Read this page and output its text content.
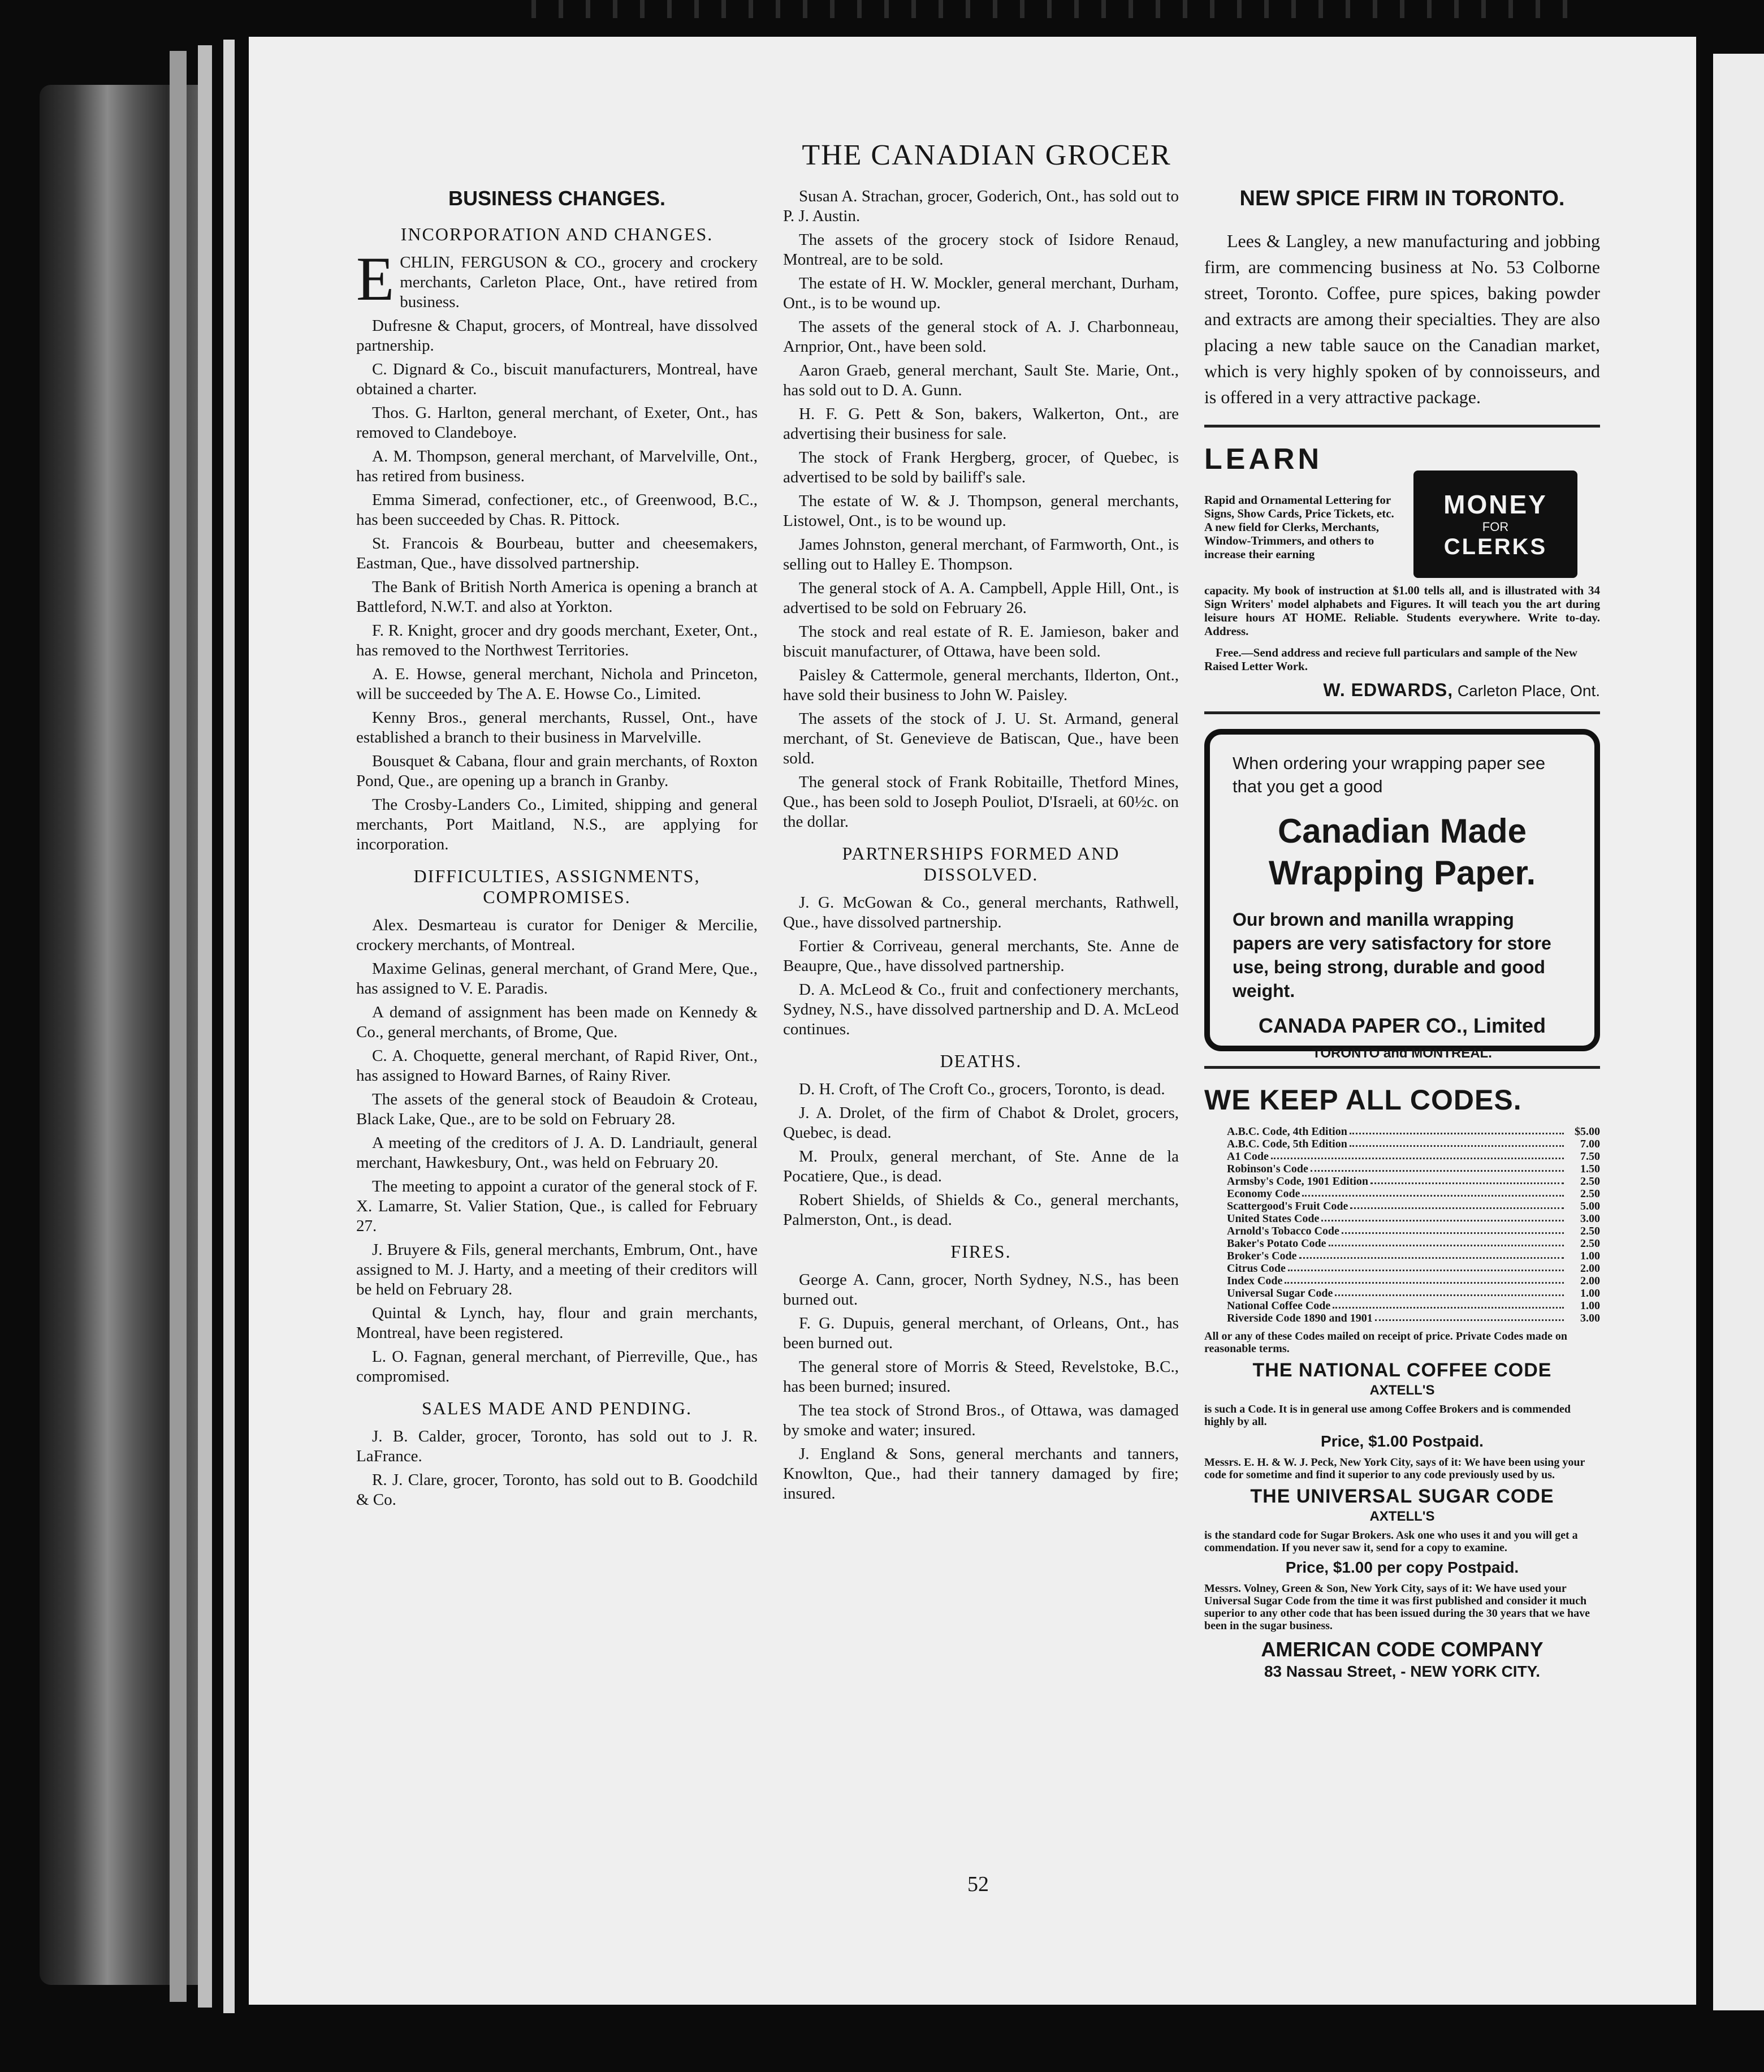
THE CANADIAN GROCER
BUSINESS CHANGES.
INCORPORATION AND CHANGES.

ECHLIN, FERGUSON & CO., grocery and crockery merchants, Carleton Place, Ont., have retired from business.

Dufresne & Chaput, grocers, of Montreal, have dissolved partnership.

C. Dignard & Co., biscuit manufacturers, Montreal, have obtained a charter.

Thos. G. Harlton, general merchant, of Exeter, Ont., has removed to Clandeboye.

A. M. Thompson, general merchant, of Marvelville, Ont., has retired from business.

Emma Simerad, confectioner, etc., of Greenwood, B.C., has been succeeded by Chas. R. Pittock.

St. Francois & Bourbeau, butter and cheesemakers, Eastman, Que., have dissolved partnership.

The Bank of British North America is opening a branch at Battleford, N.W.T. and also at Yorkton.

F. R. Knight, grocer and dry goods merchant, Exeter, Ont., has removed to the Northwest Territories.

A. E. Howse, general merchant, Nichola and Princeton, will be succeeded by The A. E. Howse Co., Limited.

Kenny Bros., general merchants, Russel, Ont., have established a branch to their business in Marvelville.

Bousquet & Cabana, flour and grain merchants, of Roxton Pond, Que., are opening up a branch in Granby.

The Crosby-Landers Co., Limited, shipping and general merchants, Port Maitland, N.S., are applying for incorporation.

DIFFICULTIES, ASSIGNMENTS, COMPROMISES.

Alex. Desmarteau is curator for Deniger & Mercilie, crockery merchants, of Montreal.

Maxime Gelinas, general merchant, of Grand Mere, Que., has assigned to V. E. Paradis.

A demand of assignment has been made on Kennedy & Co., general merchants, of Brome, Que.

C. A. Choquette, general merchant, of Rapid River, Ont., has assigned to Howard Barnes, of Rainy River.

The assets of the general stock of Beaudoin & Croteau, Black Lake, Que., are to be sold on February 28.

A meeting of the creditors of J. A. D. Landriault, general merchant, Hawkesbury, Ont., was held on February 20.

The meeting to appoint a curator of the general stock of F. X. Lamarre, St. Valier Station, Que., is called for February 27.

J. Bruyere & Fils, general merchants, Embrum, Ont., have assigned to M. J. Harty, and a meeting of their creditors will be held on February 28.

Quintal & Lynch, hay, flour and grain merchants, Montreal, have been registered.

L. O. Fagnan, general merchant, of Pierreville, Que., has compromised.

SALES MADE AND PENDING.

J. B. Calder, grocer, Toronto, has sold out to J. R. LaFrance.

R. J. Clare, grocer, Toronto, has sold out to B. Goodchild & Co.

Susan A. Strachan, grocer, Goderich, Ont., has sold out to P. J. Austin.

The assets of the grocery stock of Isidore Renaud, Montreal, are to be sold.

The estate of H. W. Mockler, general merchant, Durham, Ont., is to be wound up.

The assets of the general stock of A. J. Charbonneau, Arnprior, Ont., have been sold.

Aaron Graeb, general merchant, Sault Ste. Marie, Ont., has sold out to D. A. Gunn.

H. F. G. Pett & Son, bakers, Walkerton, Ont., are advertising their business for sale.

The stock of Frank Hergberg, grocer, of Quebec, is advertised to be sold by bailiff's sale.

The estate of W. & J. Thompson, general merchants, Listowel, Ont., is to be wound up.

James Johnston, general merchant, of Farmworth, Ont., is selling out to Halley E. Thompson.

The general stock of A. A. Campbell, Apple Hill, Ont., is advertised to be sold on February 26.

The stock and real estate of R. E. Jamieson, baker and biscuit manufacturer, of Ottawa, have been sold.

Paisley & Cattermole, general merchants, Ilderton, Ont., have sold their business to John W. Paisley.

The assets of the stock of J. U. St. Armand, general merchant, of St. Genevieve de Batiscan, Que., have been sold.

The general stock of Frank Robitaille, Thetford Mines, Que., has been sold to Joseph Pouliot, D'Israeli, at 60½c. on the dollar.

PARTNERSHIPS FORMED AND DISSOLVED.

J. G. McGowan & Co., general merchants, Rathwell, Que., have dissolved partnership.

Fortier & Corriveau, general merchants, Ste. Anne de Beaupre, Que., have dissolved partnership.

D. A. McLeod & Co., fruit and confectionery merchants, Sydney, N.S., have dissolved partnership and D. A. McLeod continues.

DEATHS.

D. H. Croft, of The Croft Co., grocers, Toronto, is dead.

J. A. Drolet, of the firm of Chabot & Drolet, grocers, Quebec, is dead.

M. Proulx, general merchant, of Ste. Anne de la Pocatiere, Que., is dead.

Robert Shields, of Shields & Co., general merchants, Palmerston, Ont., is dead.

FIRES.

George A. Cann, grocer, North Sydney, N.S., has been burned out.

F. G. Dupuis, general merchant, of Orleans, Ont., has been burned out.

The general store of Morris & Steed, Revelstoke, B.C., has been burned; insured.

The tea stock of Strond Bros., of Ottawa, was damaged by smoke and water; insured.

J. England & Sons, general merchants and tanners, Knowlton, Que., had their tannery damaged by fire; insured.

NEW SPICE FIRM IN TORONTO.

Lees & Langley, a new manufacturing and jobbing firm, are commencing business at No. 53 Colborne street, Toronto. Coffee, pure spices, baking powder and extracts are among their specialties. They are also placing a new table sauce on the Canadian market, which is very highly spoken of by connoisseurs, and is offered in a very attractive package.

LEARN

MONEY
FOR
CLERKS

Rapid and Ornamental Lettering for Signs, Show Cards, Price Tickets, etc. A new field for Clerks, Merchants, Window-Trimmers, and others to increase their earning

capacity. My book of instruction at $1.00 tells all, and is illustrated with 34 Sign Writers' model alphabets and Figures. It will teach you the art during leisure hours AT HOME. Reliable. Students everywhere. Write to-day. Address.

Free.—Send address and recieve full particulars and sample of the New Raised Letter Work.

W. EDWARDS, Carleton Place, Ont.

When ordering your wrapping paper see that you get a good

Canadian Made Wrapping Paper.

Our brown and manilla wrapping papers are very satisfactory for store use, being strong, durable and good weight.

CANADA PAPER CO., Limited

TORONTO and MONTREAL.

WE KEEP ALL CODES.

A.B.C. Code, 4th Edition	$5.00
A.B.C. Code, 5th Edition	7.00
A1 Code	7.50
Robinson's Code	1.50
Armsby's Code, 1901 Edition	2.50
Economy Code	2.50
Scattergood's Fruit Code	5.00
United States Code	3.00
Arnold's Tobacco Code	2.50
Baker's Potato Code	2.50
Broker's Code	1.00
Citrus Code	2.00
Index Code	2.00
Universal Sugar Code	1.00
National Coffee Code	1.00
Riverside Code 1890 and 1901	3.00

All or any of these Codes mailed on receipt of price. Private Codes made on reasonable terms.

THE NATIONAL COFFEE CODE

AXTELL'S

is such a Code. It is in general use among Coffee Brokers and is commended highly by all.

Price, $1.00 Postpaid.

Messrs. E. H. & W. J. Peck, New York City, says of it: We have been using your code for sometime and find it superior to any code previously used by us.

THE UNIVERSAL SUGAR CODE

AXTELL'S

is the standard code for Sugar Brokers. Ask one who uses it and you will get a commendation. If you never saw it, send for a copy to examine.

Price, $1.00 per copy Postpaid.

Messrs. Volney, Green & Son, New York City, says of it: We have used your Universal Sugar Code from the time it was first published and consider it much superior to any other code that has been issued during the 30 years that we have been in the sugar business.

AMERICAN CODE COMPANY

83 Nassau Street, - NEW YORK CITY.

52
